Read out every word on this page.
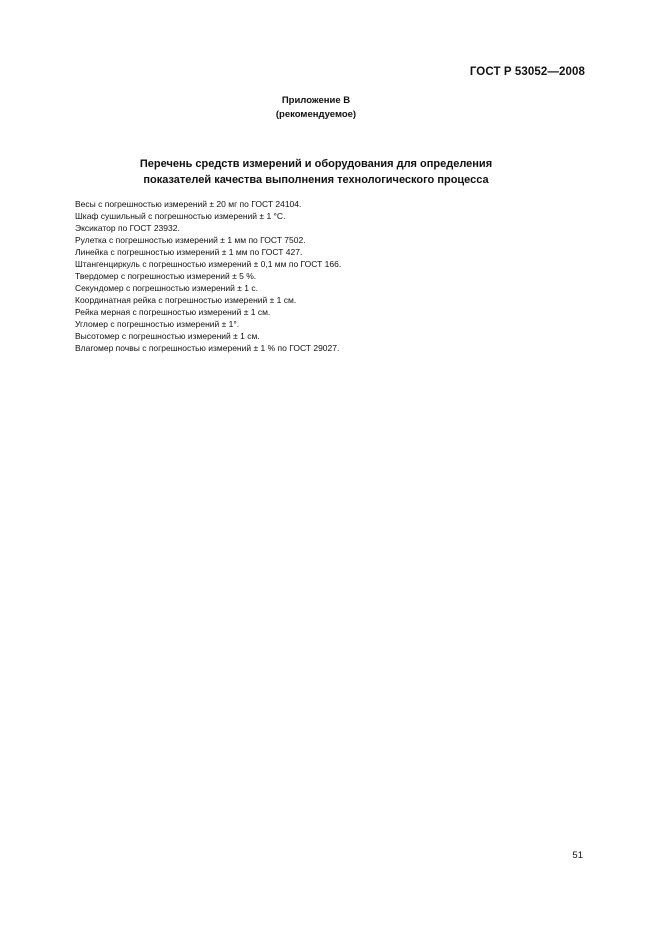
ГОСТ Р 53052—2008
Приложение В
(рекомендуемое)
Перечень средств измерений и оборудования для определения
показателей качества выполнения технологического процесса
Весы с погрешностью измерений ± 20 мг по ГОСТ 24104.
Шкаф сушильный с погрешностью измерений ± 1 °С.
Эксикатор по ГОСТ 23932.
Рулетка с погрешностью измерений ± 1 мм по ГОСТ 7502.
Линейка с погрешностью измерений ± 1 мм по ГОСТ 427.
Штангенциркуль с погрешностью измерений ± 0,1 мм по ГОСТ 166.
Твердомер с погрешностью измерений ± 5 %.
Секундомер с погрешностью измерений ± 1 с.
Координатная рейка с погрешностью измерений ± 1 см.
Рейка мерная с погрешностью измерений ± 1 см.
Угломер с погрешностью измерений ± 1°.
Высотомер с погрешностью измерений ± 1 см.
Влагомер почвы с погрешностью измерений ± 1 % по ГОСТ 29027.
51
